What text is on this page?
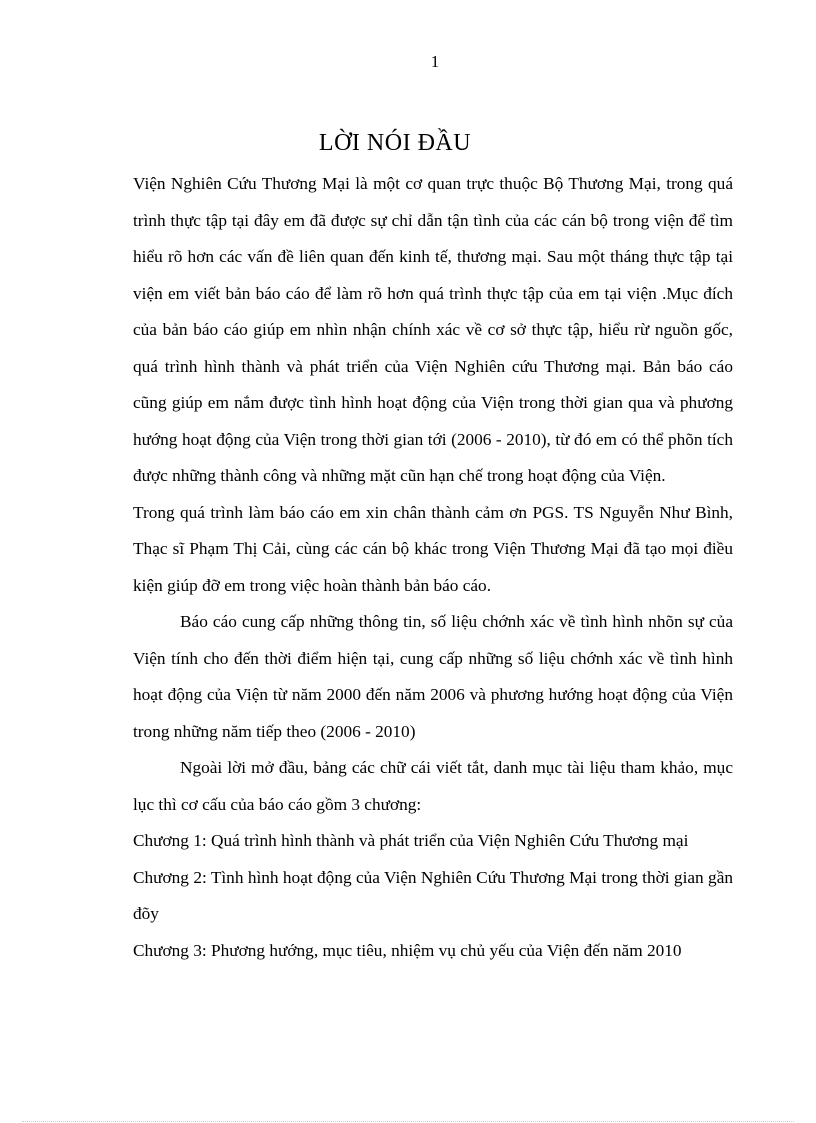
1
LỜI NÓI ĐẦU

Viện Nghiên Cứu Thương Mại là một cơ quan trực thuộc Bộ Thương Mại, trong quá trình thực tập tại đây em đã được sự chỉ dẫn tận tình của các cán bộ trong viện để tìm hiểu rõ hơn các vấn đề liên quan đến kinh tế, thương mại. Sau một tháng thực tập tại viện em viết bản báo cáo để làm rõ hơn quá trình thực tập của em tại viện .Mục đích của bản báo cáo giúp em nhìn nhận chính xác về cơ sở thực tập, hiểu rừ nguồn gốc, quá trình hình thành và phát triển của Viện Nghiên cứu Thương mại. Bản báo cáo cũng giúp em nắm được tình hình hoạt động của Viện trong thời gian qua và phương hướng hoạt động của Viện trong thời gian tới (2006 - 2010), từ đó em có thể phõn tích được những thành công và những mặt cũn hạn chế trong hoạt động của Viện.

Trong quá trình làm báo cáo em xin chân thành cảm ơn PGS. TS Nguyễn Như Bình, Thạc sĩ Phạm Thị Cải, cùng các cán bộ khác trong Viện Thương Mại đã tạo mọi điều kiện giúp đỡ em trong việc hoàn thành bản báo cáo.

Báo cáo cung cấp những thông tin, số liệu chớnh xác về tình hình nhõn sự của Viện tính cho đến thời điểm hiện tại, cung cấp những số liệu chớnh xác về tình hình hoạt động của Viện từ năm 2000 đến năm 2006 và phương hướng hoạt động của Viện trong những năm tiếp theo (2006 - 2010)

Ngoài lời mở đầu, bảng các chữ cái viết tắt, danh mục tài liệu tham khảo, mục lục thì cơ cấu của báo cáo gồm 3 chương:

Chương 1: Quá trình hình thành và phát triển của Viện Nghiên Cứu Thương mại

Chương 2: Tình hình hoạt động của Viện Nghiên Cứu Thương Mại trong thời gian gần đõy

Chương 3: Phương hướng, mục tiêu, nhiệm vụ chủ yếu của Viện đến năm 2010
